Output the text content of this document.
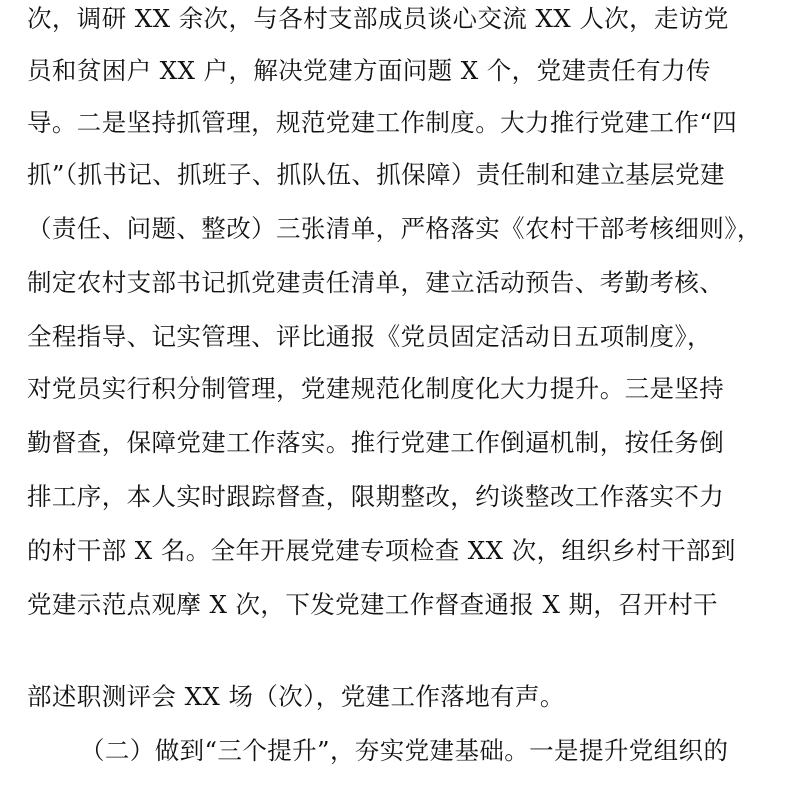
次，调研 XX 余次，与各村支部成员谈心交流 XX 人次，走访党
员和贫困户 XX 户，解决党建方面问题 X 个，党建责任有力传
导。二是坚持抓管理，规范党建工作制度。大力推行党建工作“四
抓”（抓书记、抓班子、抓队伍、抓保障）责任制和建立基层党建
（责任、问题、整改）三张清单，严格落实《农村干部考核细则》，
制定农村支部书记抓党建责任清单，建立活动预告、考勤考核、
全程指导、记实管理、评比通报《党员固定活动日五项制度》，
对党员实行积分制管理，党建规范化制度化大力提升。三是坚持
勤督查，保障党建工作落实。推行党建工作倒逼机制，按任务倒
排工序，本人实时跟踪督查，限期整改，约谈整改工作落实不力
的村干部 X 名。全年开展党建专项检查 XX 次，组织乡村干部到
党建示范点观摩 X 次，下发党建工作督查通报 X 期，召开村干
部述职测评会 XX 场（次），党建工作落地有声。
（二）做到“三个提升”，夯实党建基础。一是提升党组织的
